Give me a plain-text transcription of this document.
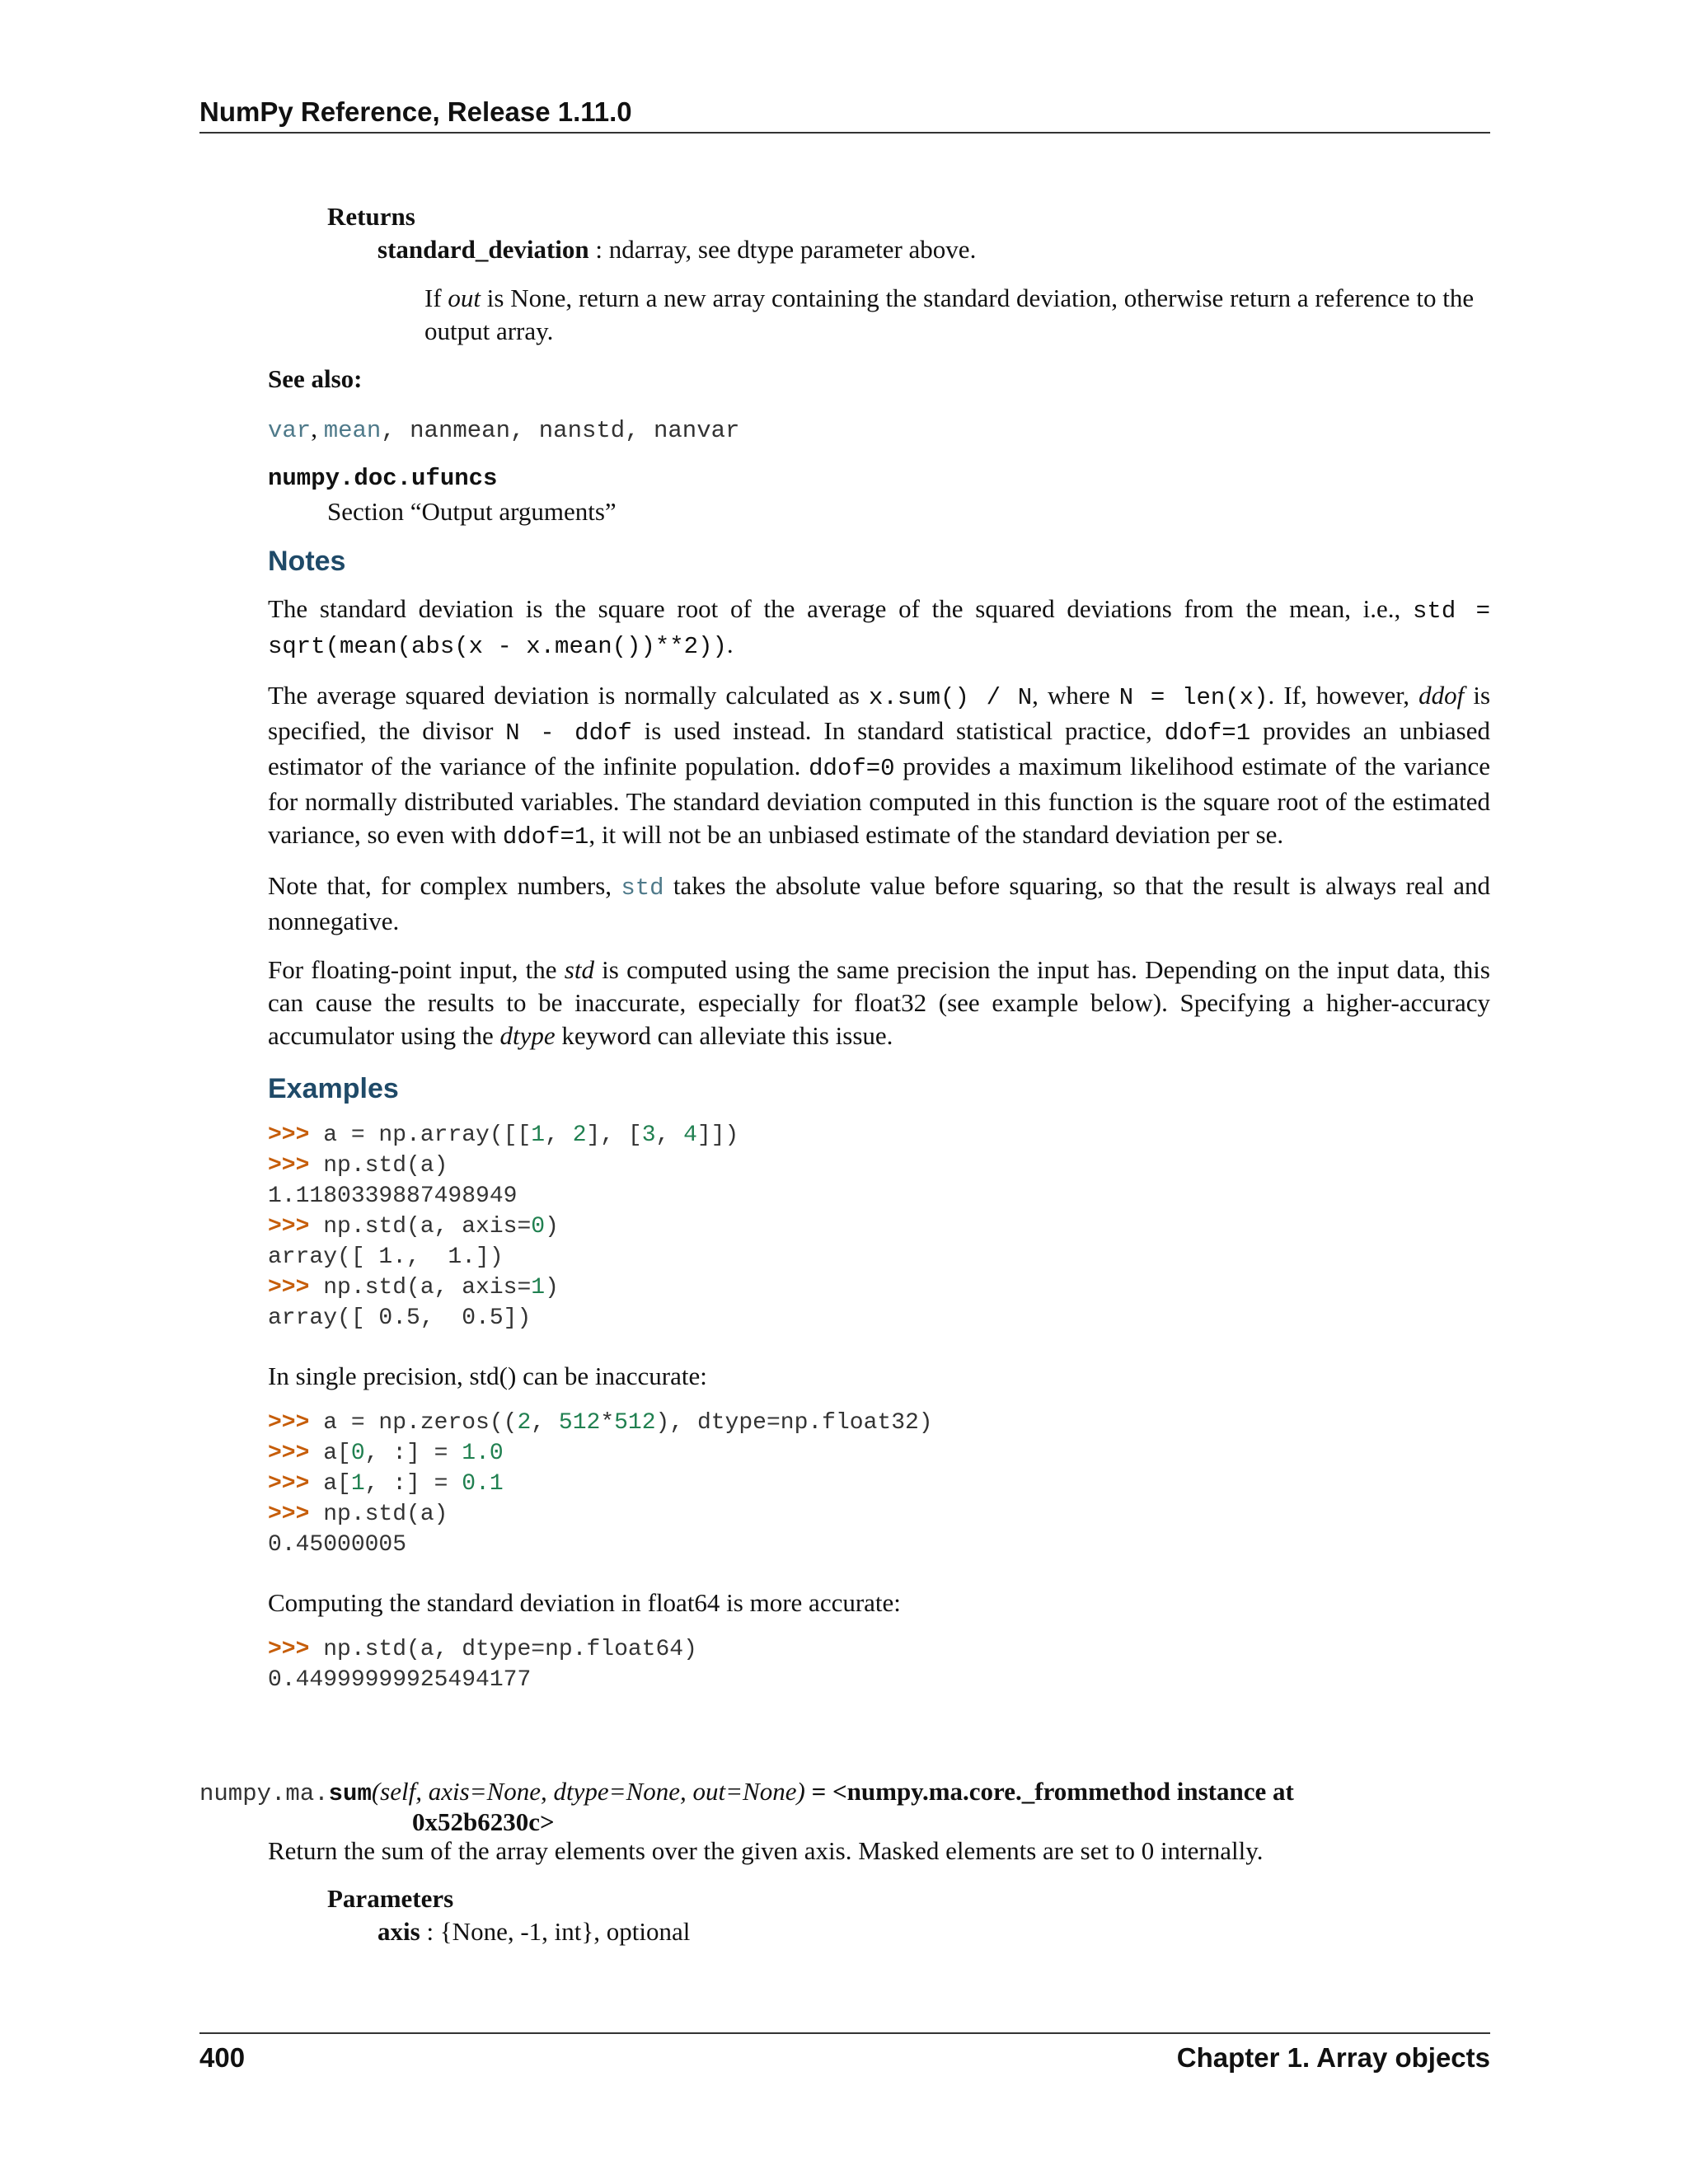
NumPy Reference, Release 1.11.0
Returns
standard_deviation : ndarray, see dtype parameter above.
If out is None, return a new array containing the standard deviation, otherwise return a reference to the output array.
See also:
var, mean, nanmean, nanstd, nanvar
numpy.doc.ufuncs
Section “Output arguments”
Notes

The standard deviation is the square root of the average of the squared deviations from the mean, i.e., std = sqrt(mean(abs(x - x.mean())**2)).

The average squared deviation is normally calculated as x.sum() / N, where N = len(x). If, however, ddof is specified, the divisor N - ddof is used instead. In standard statistical practice, ddof=1 provides an unbiased estimator of the variance of the infinite population. ddof=0 provides a maximum likelihood estimate of the variance for normally distributed variables. The standard deviation computed in this function is the square root of the estimated variance, so even with ddof=1, it will not be an unbiased estimate of the standard deviation per se.

Note that, for complex numbers, std takes the absolute value before squaring, so that the result is always real and nonnegative.

For floating-point input, the std is computed using the same precision the input has. Depending on the input data, this can cause the results to be inaccurate, especially for float32 (see example below). Specifying a higher-accuracy accumulator using the dtype keyword can alleviate this issue.

Examples
>>> a = np.array([[1, 2], [3, 4]])
>>> np.std(a)
1.1180339887498949
>>> np.std(a, axis=0)
array([ 1.,  1.])
>>> np.std(a, axis=1)
array([ 0.5,  0.5])

In single precision, std() can be inaccurate:

>>> a = np.zeros((2, 512*512), dtype=np.float32)
>>> a[0, :] = 1.0
>>> a[1, :] = 0.1
>>> np.std(a)
0.45000005

Computing the standard deviation in float64 is more accurate:

>>> np.std(a, dtype=np.float64)
0.44999999925494177
numpy.ma.sum(self, axis=None, dtype=None, out=None) = <numpy.ma.core._frommethod instance at
0x52b6230c>
Return the sum of the array elements over the given axis. Masked elements are set to 0 internally.
Parameters
axis : {None, -1, int}, optional
400	Chapter 1. Array objects
